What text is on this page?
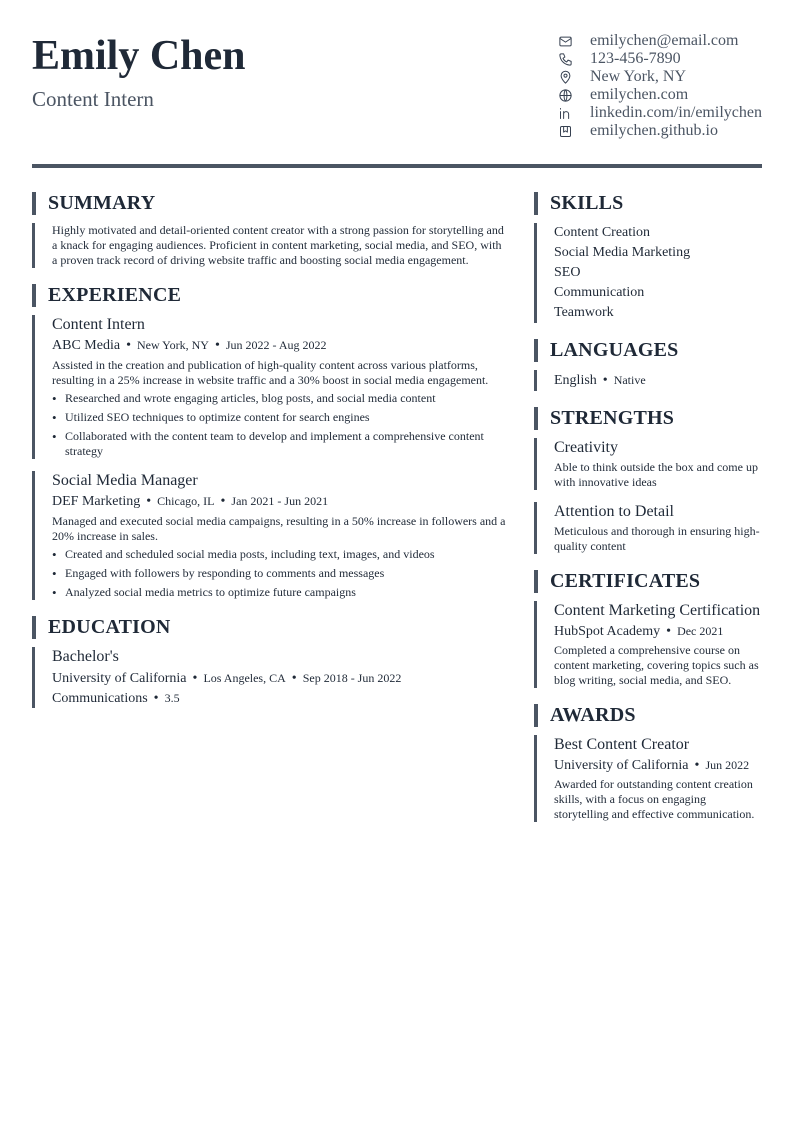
Emily Chen
Content Intern
emilychen@email.com
123-456-7890
New York, NY
emilychen.com
linkedin.com/in/emilychen
emilychen.github.io
SUMMARY
Highly motivated and detail-oriented content creator with a strong passion for storytelling and a knack for engaging audiences. Proficient in content marketing, social media, and SEO, with a proven track record of driving website traffic and boosting social media engagement.
EXPERIENCE
Content Intern
ABC Media • New York, NY • Jun 2022 - Aug 2022
Assisted in the creation and publication of high-quality content across various platforms, resulting in a 25% increase in website traffic and a 30% boost in social media engagement.
• Researched and wrote engaging articles, blog posts, and social media content
• Utilized SEO techniques to optimize content for search engines
• Collaborated with the content team to develop and implement a comprehensive content strategy
Social Media Manager
DEF Marketing • Chicago, IL • Jan 2021 - Jun 2021
Managed and executed social media campaigns, resulting in a 50% increase in followers and a 20% increase in sales.
• Created and scheduled social media posts, including text, images, and videos
• Engaged with followers by responding to comments and messages
• Analyzed social media metrics to optimize future campaigns
EDUCATION
Bachelor's
University of California • Los Angeles, CA • Sep 2018 - Jun 2022
Communications • 3.5
SKILLS
Content Creation
Social Media Marketing
SEO
Communication
Teamwork
LANGUAGES
English • Native
STRENGTHS
Creativity
Able to think outside the box and come up with innovative ideas
Attention to Detail
Meticulous and thorough in ensuring high-quality content
CERTIFICATES
Content Marketing Certification
HubSpot Academy • Dec 2021
Completed a comprehensive course on content marketing, covering topics such as blog writing, social media, and SEO.
AWARDS
Best Content Creator
University of California • Jun 2022
Awarded for outstanding content creation skills, with a focus on engaging storytelling and effective communication.
